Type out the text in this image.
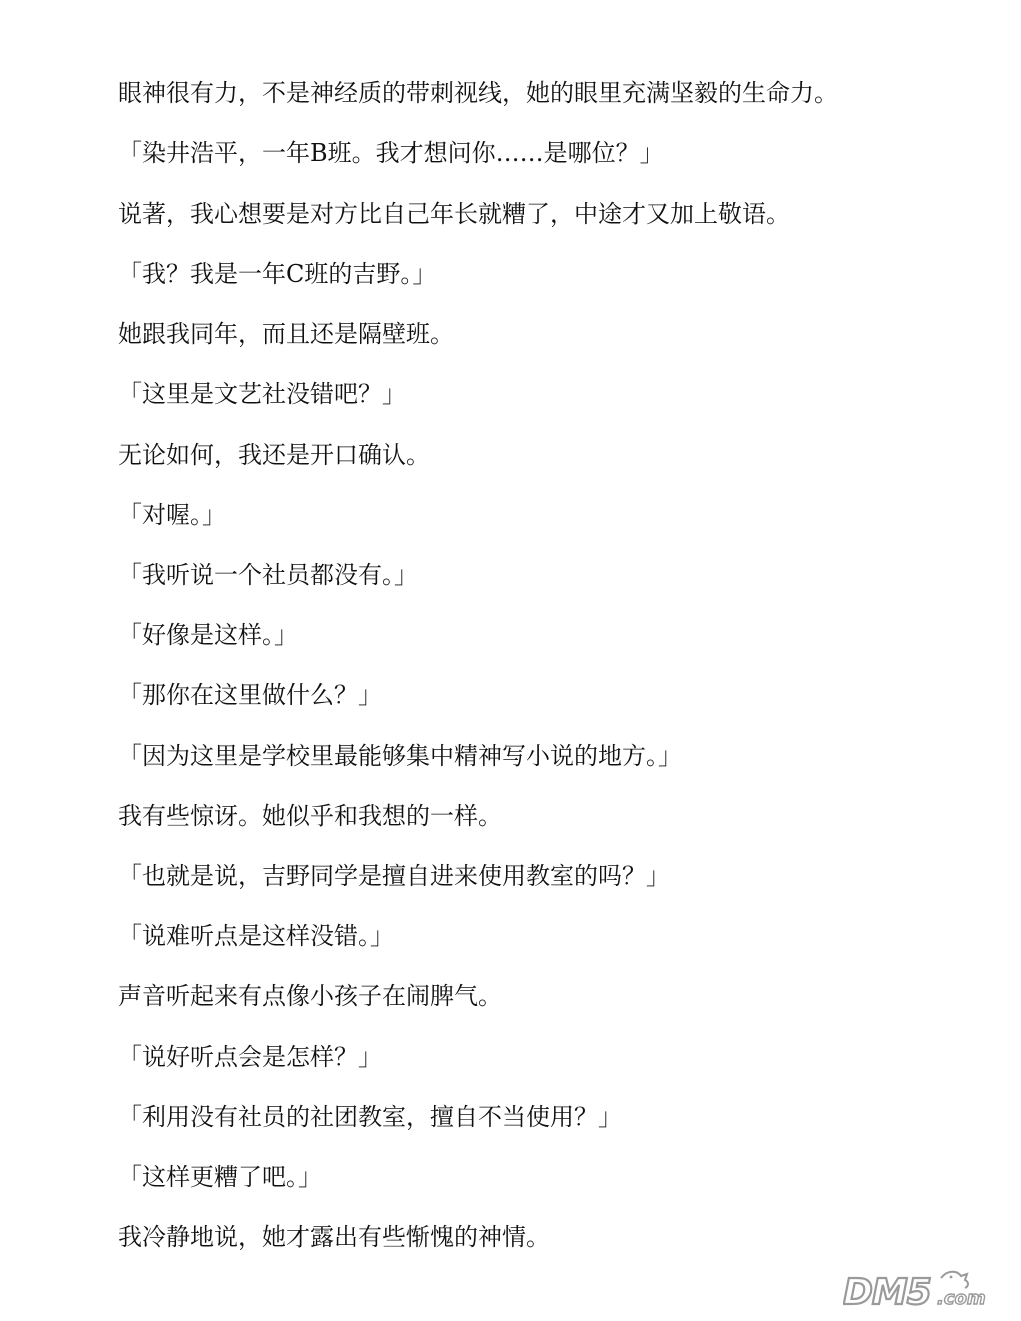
眼神很有力，不是神经质的带刺视线，她的眼里充满坚毅的生命力。
「染井浩平，一年B班。我才想问你……是哪位？」
说著，我心想要是对方比自己年长就糟了，中途才又加上敬语。
「我？我是一年C班的吉野。」
她跟我同年，而且还是隔壁班。
「这里是文艺社没错吧？」
无论如何，我还是开口确认。
「对喔。」
「我听说一个社员都没有。」
「好像是这样。」
「那你在这里做什么？」
「因为这里是学校里最能够集中精神写小说的地方。」
我有些惊讶。她似乎和我想的一样。
「也就是说，吉野同学是擅自进来使用教室的吗？」
「说难听点是这样没错。」
声音听起来有点像小孩子在闹脾气。
「说好听点会是怎样？」
「利用没有社员的社团教室，擅自不当使用？」
「这样更糟了吧。」
我冷静地说，她才露出有些惭愧的神情。
DM5 .com
